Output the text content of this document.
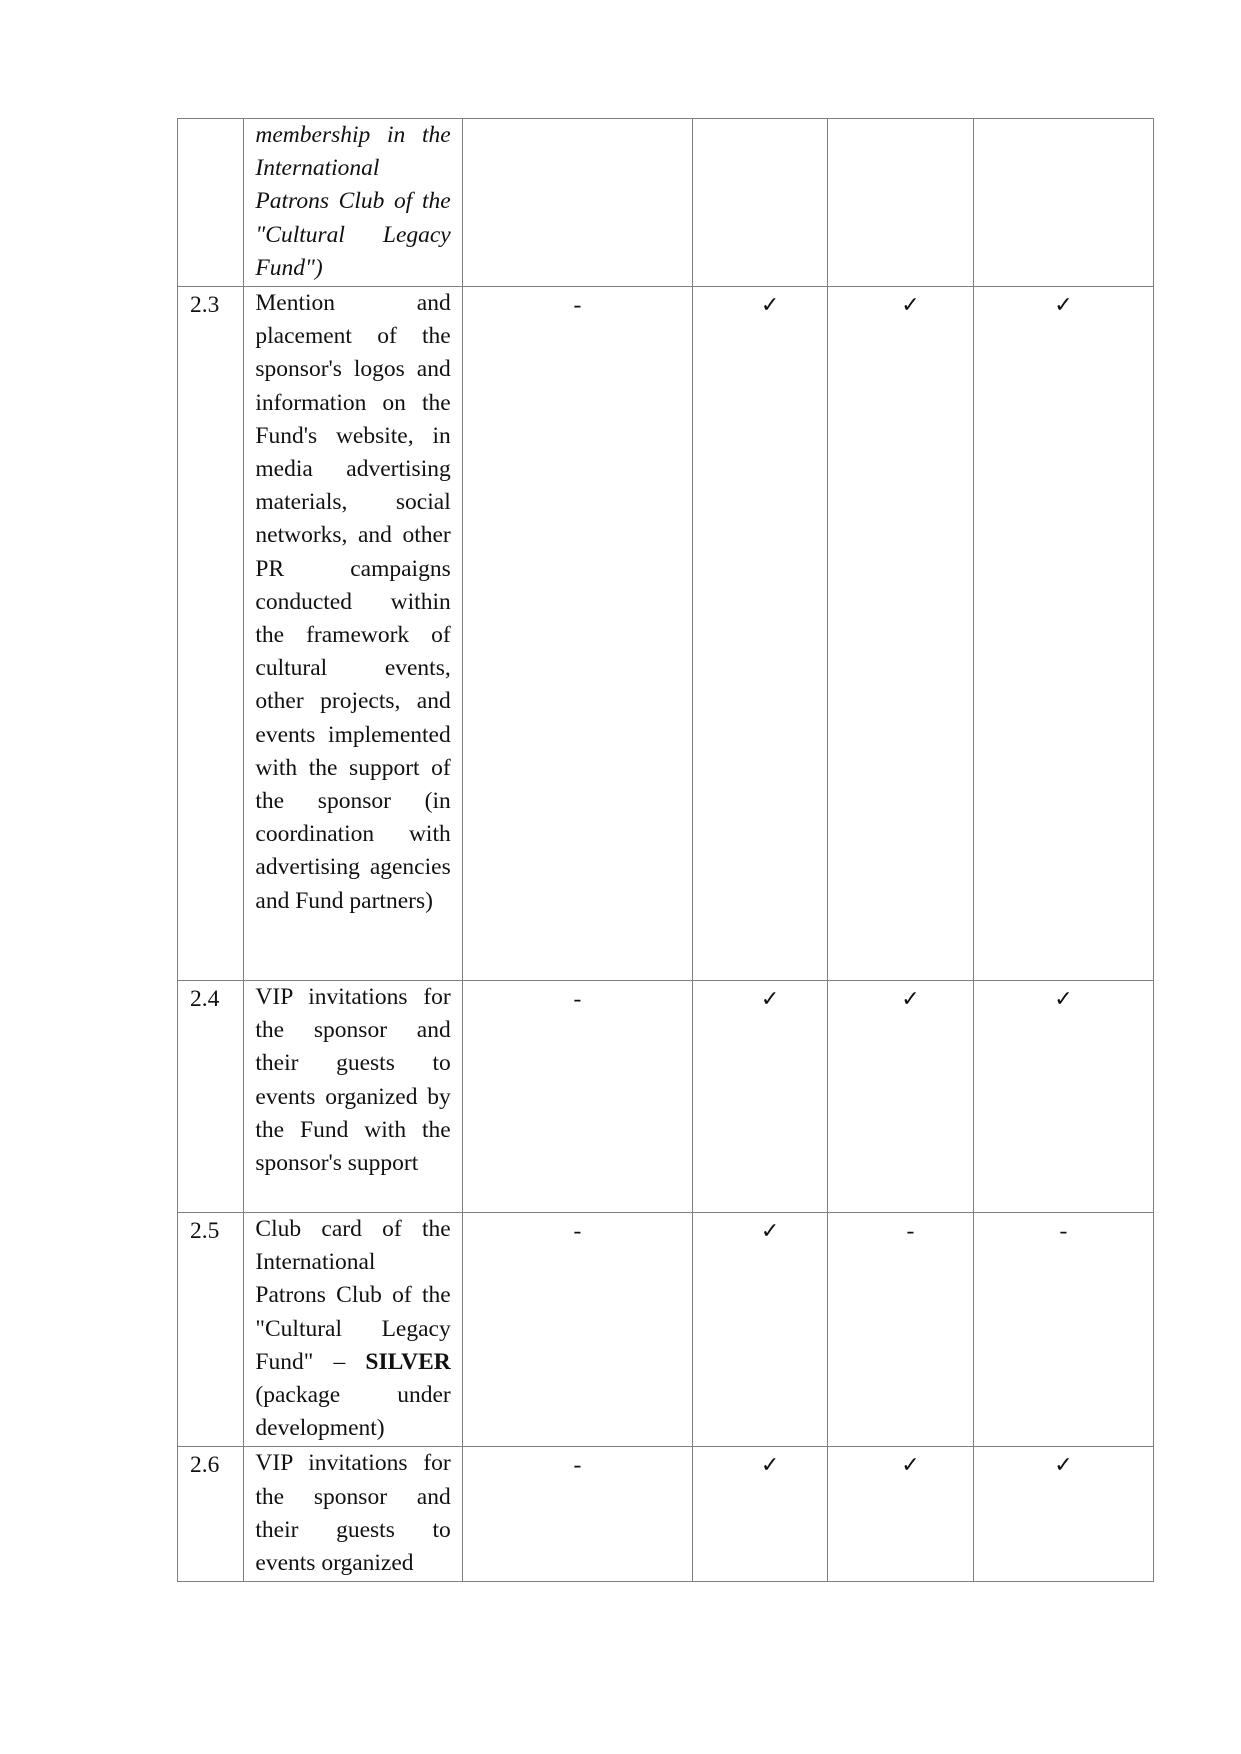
	membership in the International Patrons Club of the "Cultural Legacy Fund")				
2.3	Mention and placement of the sponsor's logos and information on the Fund's website, in media advertising materials, social networks, and other PR campaigns conducted within the framework of cultural events, other projects, and events implemented with the support of the sponsor (in coordination with advertising agencies and Fund partners)	-	✓	✓	✓
2.4	VIP invitations for the sponsor and their guests to events organized by the Fund with the sponsor's support	-	✓	✓	✓
2.5	Club card of the International Patrons Club of the "Cultural Legacy Fund" – SILVER (package under development)	-	✓	-	-
2.6	VIP invitations for the sponsor and their guests to events organized	-	✓	✓	✓
